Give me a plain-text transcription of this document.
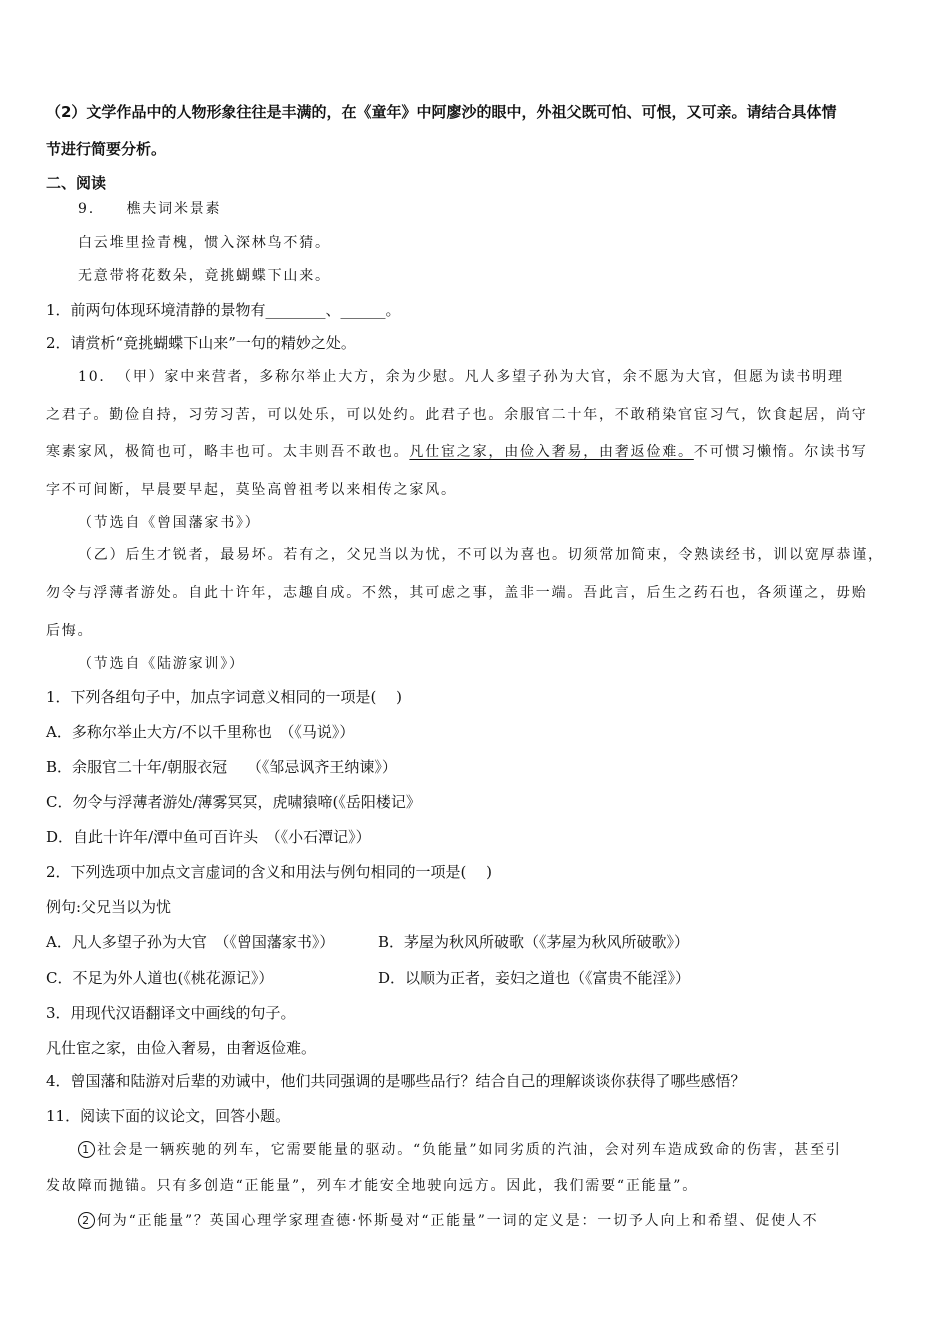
（2）文学作品中的人物形象往往是丰满的，在《童年》中阿廖沙的眼中，外祖父既可怕、可恨，又可亲。请结合具体情
节进行简要分析。
二、阅读
9.　　樵夫词米景素
白云堆里捡青槐，惯入深林鸟不猜。
无意带将花数朵，竟挑蝴蝶下山来。
1．前两句体现环境清静的景物有________、______。
2．请赏析“竟挑蝴蝶下山来”一句的精妙之处。
10．　（甲）家中来营者，多称尔举止大方，余为少慰。凡人多望子孙为大官，余不愿为大官，但愿为读书明理
之君子。勤俭自持，习劳习苦，可以处乐，可以处约。此君子也。余服官二十年，不敢稍染官宦习气，饮食起居，尚守
寒素家风，极简也可，略丰也可。太丰则吾不敢也。凡仕宦之家，由俭入奢易，由奢返俭难。不可惯习懒惰。尔读书写
字不可间断，早晨要早起，莫坠高曾祖考以来相传之家风。
（节选自《曾国藩家书》）
（乙）后生才锐者，最易坏。若有之，父兄当以为忧，不可以为喜也。切须常加简束，令熟读经书，训以宽厚恭谨，
勿令与浮薄者游处。自此十许年，志趣自成。不然，其可虑之事，盖非一端。吾此言，后生之药石也，各须谨之，毋贻
后悔。
（节选自《陆游家训》）
1．下列各组句子中，加点字词意义相同的一项是(　 )
A．多称尔举止大方/不以千里称也　（《马说》）
B．余服官二十年/朝服衣冠　 （《邹忌讽齐王纳谏》）
C．勿令与浮薄者游处/薄雾冥冥，虎啸猿啼(《岳阳楼记》
D．自此十许年/潭中鱼可百许头　（《小石潭记》）
2．下列选项中加点文言虚词的含义和用法与例句相同的一项是(　 )
例句:父兄当以为忧
A．凡人多望子孙为大官　（《曾国藩家书》）	B．茅屋为秋风所破歌（《茅屋为秋风所破歌》）
C．不足为外人道也(《桃花源记》）	D．以顺为正者，妾妇之道也（《富贵不能淫》）
3．用现代汉语翻译文中画线的句子。
凡仕宦之家，由俭入奢易，由奢返俭难。
4．曾国藩和陆游对后辈的劝诫中，他们共同强调的是哪些品行？结合自己的理解谈谈你获得了哪些感悟？
11．阅读下面的议论文，回答小题。
1 社会是一辆疾驰的列车，它需要能量的驱动。“负能量”如同劣质的汽油，会对列车造成致命的伤害，甚至引
发故障而抛锚。只有多创造“正能量”，列车才能安全地驶向远方。因此，我们需要“正能量”。
2 何为“正能量”？英国心理学家理查德·怀斯曼对“正能量”一词的定义是：一切予人向上和希望、促使人不
